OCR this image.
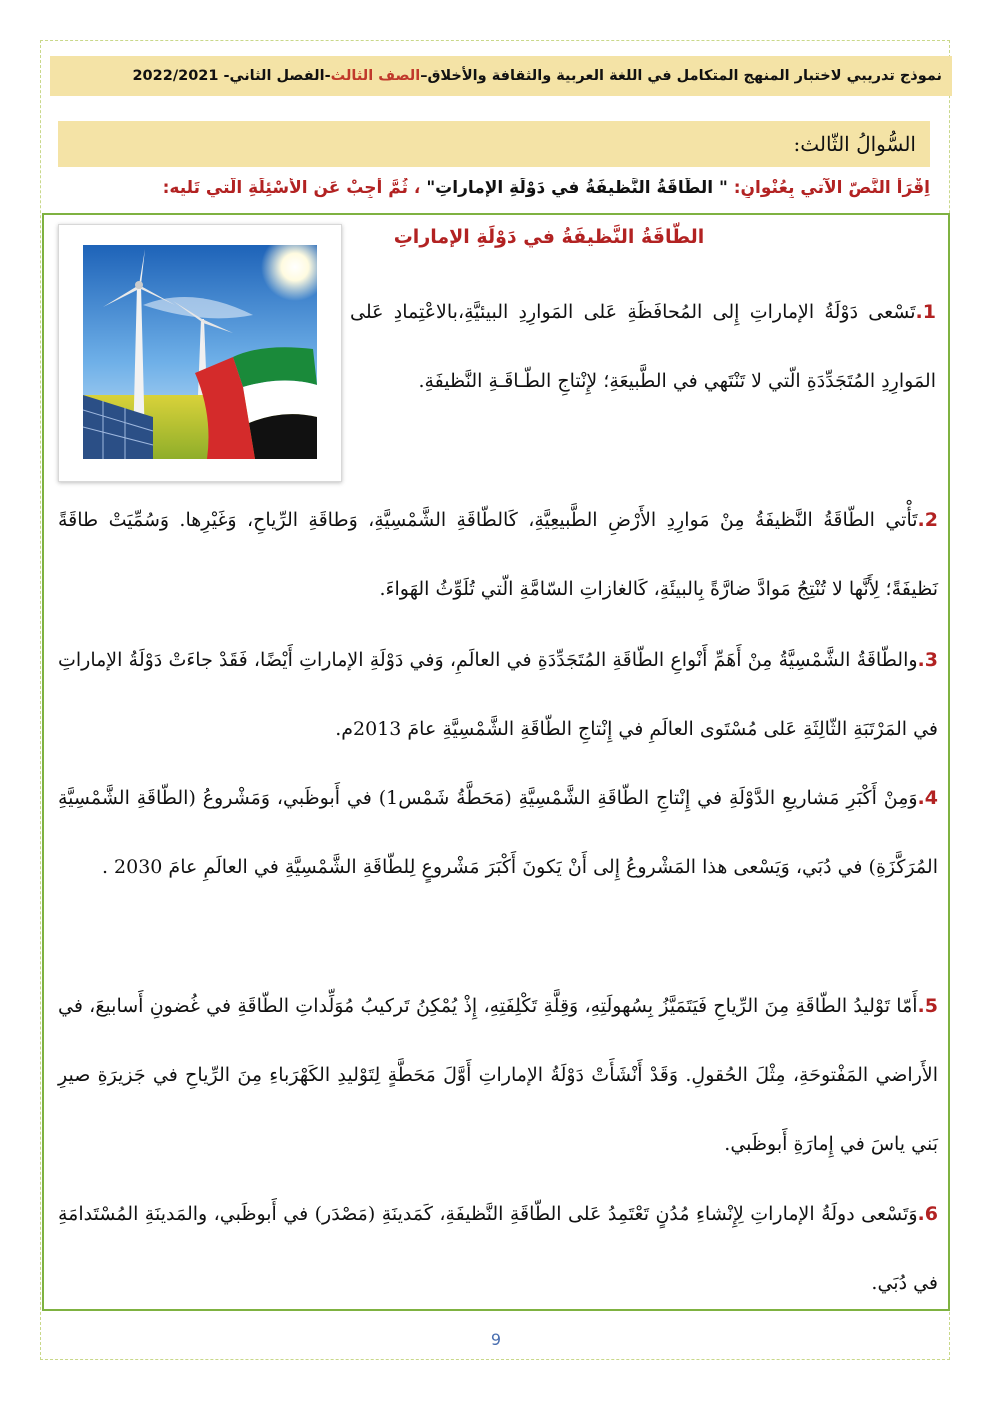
نموذج تدريبي لاختبار المنهج المتكامل في اللغة العربية والثقافة والأخلاق–
الصف الثالث
-الفصل الثاني- 2022/2021
السُّوالُ الثّالث:
اِقْرَأ النَّصّ الآتي بِعُنْوانِ: " الطّاقَةُ النَّظيفَةُ في دَوْلَةِ الإماراتِ" ، ثُمَّ أَجِبْ عَنِ الأَسْئِلَةِ الَّتي تَليه:
الطّاقَةُ النَّظيفَةُ في دَوْلَةِ الإماراتِ
1.تَسْعى دَوْلَةُ الإماراتِ إِلى المُحافَظَةِ عَلى المَوارِدِ البيئيَّةِ،بالاعْتِمادِ عَلى المَوارِدِ المُتَجَدِّدَةِ الّتي لا تَنْتَهي في الطَّبيعَةِ؛ لإِنْتاجِ الطّـاقَـةِ النَّظيفَةِ.
2.تَأْتي الطّاقَةُ النَّظيفَةُ مِنْ مَوارِدِ الأَرْضِ الطَّبيعِيَّةِ، كَالطّاقَةِ الشَّمْسِيَّةِ، وَطاقَةِ الرِّياحِ، وَغَيْرِها. وَسُمِّيَتْ طاقَةً نَظيفَةً؛ لِأَنَّها لا تُنْتِجُ مَوادَّ ضارَّةً بِالبيئَةِ، كَالغازاتِ السّامَّةِ الّتي تُلَوِّثُ الهَواءَ.
3.والطّاقَةُ الشَّمْسِيَّةُ مِنْ أَهَمِّ أَنْواعِ الطّاقَةِ المُتَجَدِّدَةِ في العالَمِ، وَفي دَوْلَةِ الإماراتِ أَيْضًا، فَقَدْ جاءَتْ دَوْلَةُ الإماراتِ في المَرْتَبَةِ الثّالِثَةِ عَلى مُسْتَوى العالَمِ في إِنْتاجِ الطّاقَةِ الشَّمْسِيَّةِ عامَ 2013م.
4.وَمِنْ أَكْبَرِ مَشاريعِ الدَّوْلَةِ في إِنْتاجِ الطّاقَةِ الشَّمْسِيَّةِ (مَحَطَّةُ شَمْس1) في أَبوظَبي، وَمَشْروعُ (الطّاقَةِ الشَّمْسِيَّةِ المُرَكَّزَةِ) في دُبَي، وَيَسْعى هذا المَشْروعُ إِلى أَنْ يَكونَ أَكْبَرَ مَشْروعٍ لِلطّاقَةِ الشَّمْسِيَّةِ في العالَمِ عامَ 2030 .
5.أَمّا تَوْليدُ الطّاقَةِ مِنَ الرِّياحِ فَيَتَمَيَّزُ بِسُهولَتِهِ، وَقِلَّةِ تَكْلِفَتِهِ، إِذْ يُمْكِنُ تَركيبُ مُوَلِّداتِ الطّاقَةِ في غُضونِ أَسابيعَ، في الأَراضي المَفْتوحَةِ، مِثْلَ الحُقولِ. وَقَدْ أَنْشَأَتْ دَوْلَةُ الإماراتِ أَوَّلَ مَحَطَّةٍ لِتَوْليدِ الكَهْرَباءِ مِنَ الرِّياحِ في جَزيرَةِ صيرِ بَني ياسَ في إِمارَةِ أَبوظَبي.
6.وَتَسْعى دولَةُ الإماراتِ لِإِنْشاءِ مُدُنٍ تَعْتَمِدُ عَلى الطّاقَةِ النَّظيفَةِ، كَمَدينَةِ (مَصْدَر) في أَبوظَبي، والمَدينَةِ المُسْتَدامَةِ في دُبَي.
9
